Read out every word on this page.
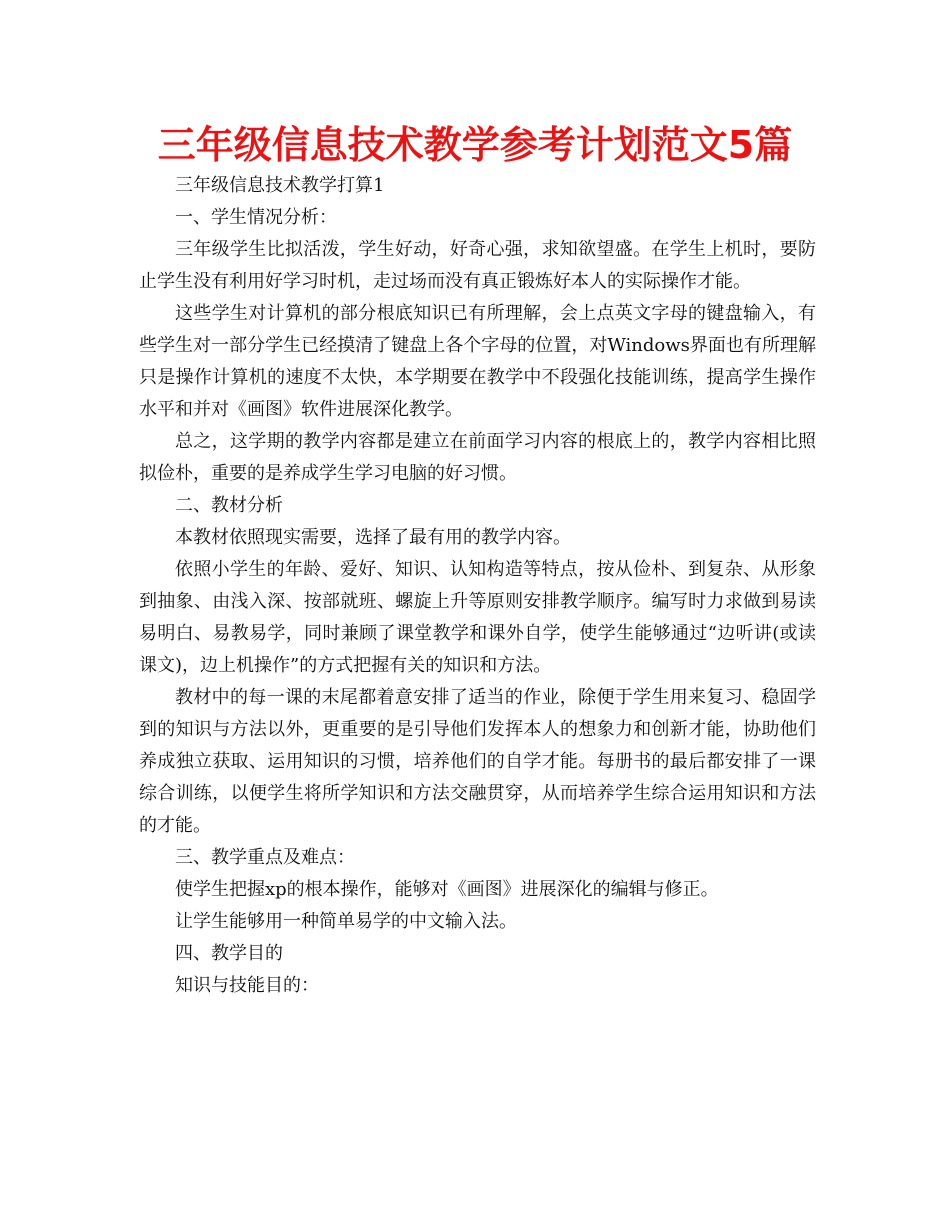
三年级信息技术教学参考计划范文5篇

三年级信息技术教学打算1

一、学生情况分析：

三年级学生比拟活泼，学生好动，好奇心强，求知欲望盛。在学生上机时，要防止学生没有利用好学习时机，走过场而没有真正锻炼好本人的实际操作才能。

这些学生对计算机的部分根底知识已有所理解，会上点英文字母的键盘输入，有些学生对一部分学生已经摸清了键盘上各个字母的位置，对Windows界面也有所理解只是操作计算机的速度不太快，本学期要在教学中不段强化技能训练，提高学生操作水平和并对《画图》软件进展深化教学。

总之，这学期的教学内容都是建立在前面学习内容的根底上的，教学内容相比照拟俭朴，重要的是养成学生学习电脑的好习惯。

二、教材分析

本教材依照现实需要，选择了最有用的教学内容。

依照小学生的年龄、爱好、知识、认知构造等特点，按从俭朴、到复杂、从形象到抽象、由浅入深、按部就班、螺旋上升等原则安排教学顺序。编写时力求做到易读易明白、易教易学，同时兼顾了课堂教学和课外自学，使学生能够通过“边听讲(或读课文)，边上机操作”的方式把握有关的知识和方法。

教材中的每一课的末尾都着意安排了适当的作业，除便于学生用来复习、稳固学到的知识与方法以外，更重要的是引导他们发挥本人的想象力和创新才能，协助他们养成独立获取、运用知识的习惯，培养他们的自学才能。每册书的最后都安排了一课综合训练，以便学生将所学知识和方法交融贯穿，从而培养学生综合运用知识和方法的才能。

三、教学重点及难点：

使学生把握xp的根本操作，能够对《画图》进展深化的编辑与修正。

让学生能够用一种简单易学的中文输入法。

四、教学目的

知识与技能目的：
